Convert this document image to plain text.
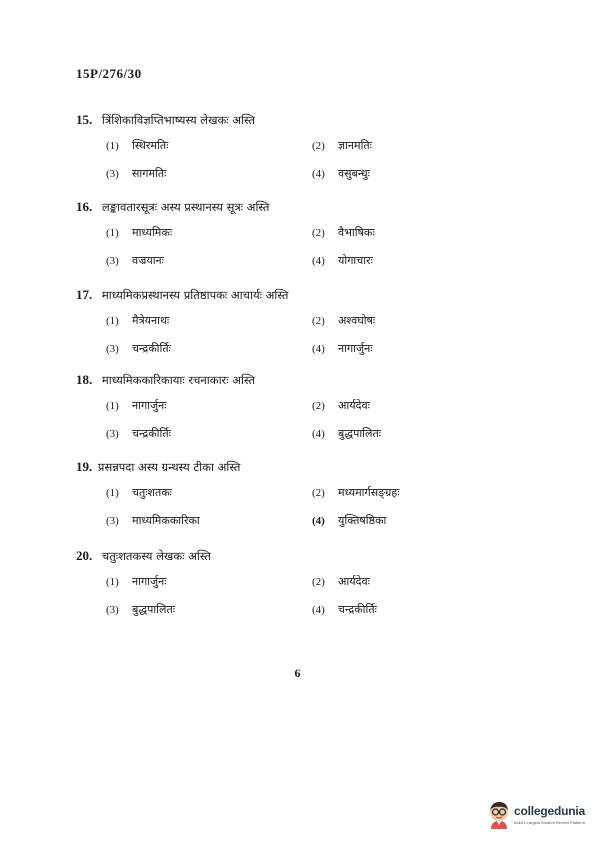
15P/276/30
15. त्रिंशिकाविज्ञप्तिभाष्यस्य लेखकः अस्ति
(1) स्थिरमतिः	(2) ज्ञानमतिः
(3) सागमतिः	(4) वसुबन्धुः
16. लङ्कावतारसूत्रः अस्य प्रस्थानस्य सूत्रः अस्ति
(1) माध्यमिकः	(2) वैभाषिकः
(3) वज्रयानः	(4) योगाचारः
17. माध्यमिकप्रस्थानस्य प्रतिष्ठापकः आचार्यः अस्ति
(1) मैत्रेयनाथः	(2) अश्वघोषः
(3) चन्द्रकीर्तिः	(4) नागार्जुनः
18. माध्यमिककारिकायाः रचनाकारः अस्ति
(1) नागार्जुनः	(2) आर्यदेवः
(3) चन्द्रकीर्तिः	(4) बुद्धपालितः
19. प्रसन्नपदा अस्य ग्रन्थस्य टीका अस्ति
(1) चतुःशतकः	(2) मध्यमार्गसङ्ग्रहः
(3) माध्यमिककारिका	(4) युक्तिषष्ठिका
20. चतुःशतकस्य लेखकः अस्ति
(1) नागार्जुनः	(2) आर्यदेवः
(3) बुद्धपालितः	(4) चन्द्रकीर्तिः
6
collegedunia
India's Largest Student Review Platform
